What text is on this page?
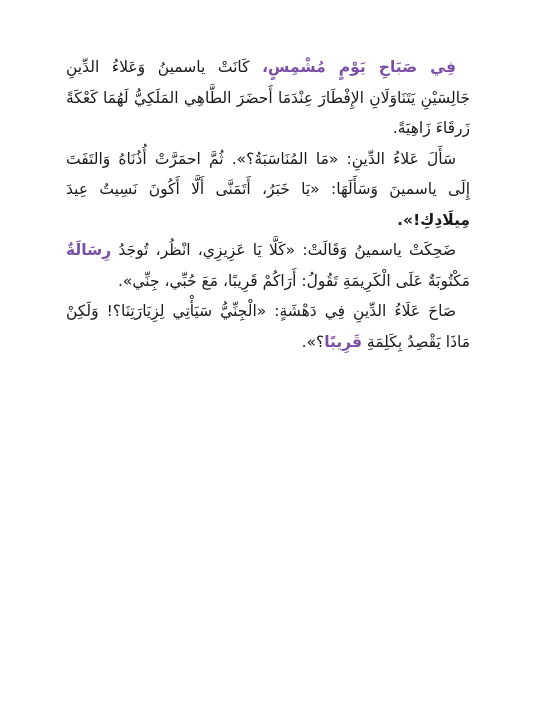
فِي صَبَاحِ يَوْمٍ مُشْمِسٍ، كَانَتْ ياسمينُ وَعَلاءُ الدِّينِ جَالِسَيْنِ يَتَنَاوَلَانِ الإِفْطَارَ عِنْدَمَا أَحضَرَ الطَّاهِي المَلَكِيُّ لَهُمَا كَعْكَةً زَرقَاءَ زَاهِيَةً.

سَأَلَ عَلاءُ الدِّينِ: «مَا المُنَاسَبَةُ؟». ثُمَّ احمَرَّتْ أُذُنَاهُ وَالتَفَتَ إِلَى ياسمينَ وَسَأَلَهَا: «يَا خَبَرُ، أَتَمَنَّى أَلَّا أَكُونَ نَسِيتُ عِيدَ مِيلَادِكِ!».

ضَحِكَتْ ياسمينُ وَقَالَتْ: «كَلَّا يَا عَزِيزِي، انْظُر، تُوجَدُ رِسَالَةٌ مَكْتُوبَةٌ عَلَى الْكَرِيمَةِ تَقُولُ: أَرَاكُمْ قَرِيبًا، مَعَ حُبِّي، جِنِّي».

صَاحَ عَلَاءُ الدِّينِ فِي دَهْشَةٍ: «الْجِنِّيُّ سَيَأْتِي لِزِيَارَتِنَا؟! وَلَكِنْ مَاذَا يَقْصِدُ بِكَلِمَةِ قَرِيبًا؟».
